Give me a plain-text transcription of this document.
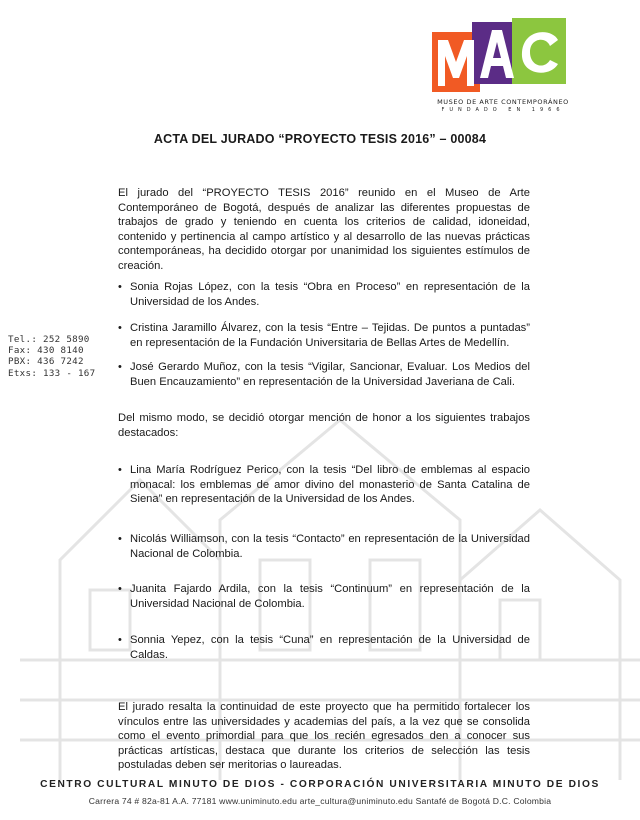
MUSEO DE ARTE CONTEMPORÁNEO
FUNDADO EN 1966
ACTA DEL JURADO “PROYECTO TESIS 2016” – 00084

El jurado del “PROYECTO TESIS 2016” reunido en el Museo de Arte Contemporáneo de Bogotá, después de analizar las diferentes propuestas de trabajos de grado y teniendo en cuenta los criterios de calidad, idoneidad, contenido y pertinencia al campo artístico y al desarrollo de las nuevas prácticas contemporáneas, ha decidido otorgar por unanimidad los siguientes estímulos de creación.

• Sonia Rojas López, con la tesis “Obra en Proceso” en representación de la Universidad de los Andes.
• Cristina Jaramillo Álvarez, con la tesis “Entre – Tejidas. De puntos a puntadas” en representación de la Fundación Universitaria de Bellas Artes de Medellín.
• José Gerardo Muñoz, con la tesis “Vigilar, Sancionar, Evaluar. Los Medios del Buen Encauzamiento” en representación de la Universidad Javeriana de Cali.
Tel.: 252 5890
Fax: 430 8140
PBX: 436 7242
Etxs: 133 - 167

Del mismo modo, se decidió otorgar mención de honor a los siguientes trabajos destacados:

• Lina María Rodríguez Perico, con la tesis “Del libro de emblemas al espacio monacal: los emblemas de amor divino del monasterio de Santa Catalina de Siena” en representación de la Universidad de los Andes.
• Nicolás Williamson, con la tesis “Contacto” en representación de la Universidad Nacional de Colombia.
• Juanita Fajardo Ardila, con la tesis “Continuum” en representación de la Universidad Nacional de Colombia.
• Sonnia Yepez, con la tesis “Cuna” en representación de la Universidad de Caldas.

El jurado resalta la continuidad de este proyecto que ha permitido fortalecer los vínculos entre las universidades y academias del país, a la vez que se consolida como el evento primordial para que los recién egresados den a conocer sus prácticas artísticas, destaca que durante los criterios de selección las tesis postuladas deben ser meritorias o laureadas.

CENTRO CULTURAL MINUTO DE DIOS - CORPORACIÓN UNIVERSITARIA MINUTO DE DIOS
Carrera 74 # 82a-81 A.A. 77181 www.uniminuto.edu arte_cultura@uniminuto.edu Santafé de Bogotá D.C. Colombia
